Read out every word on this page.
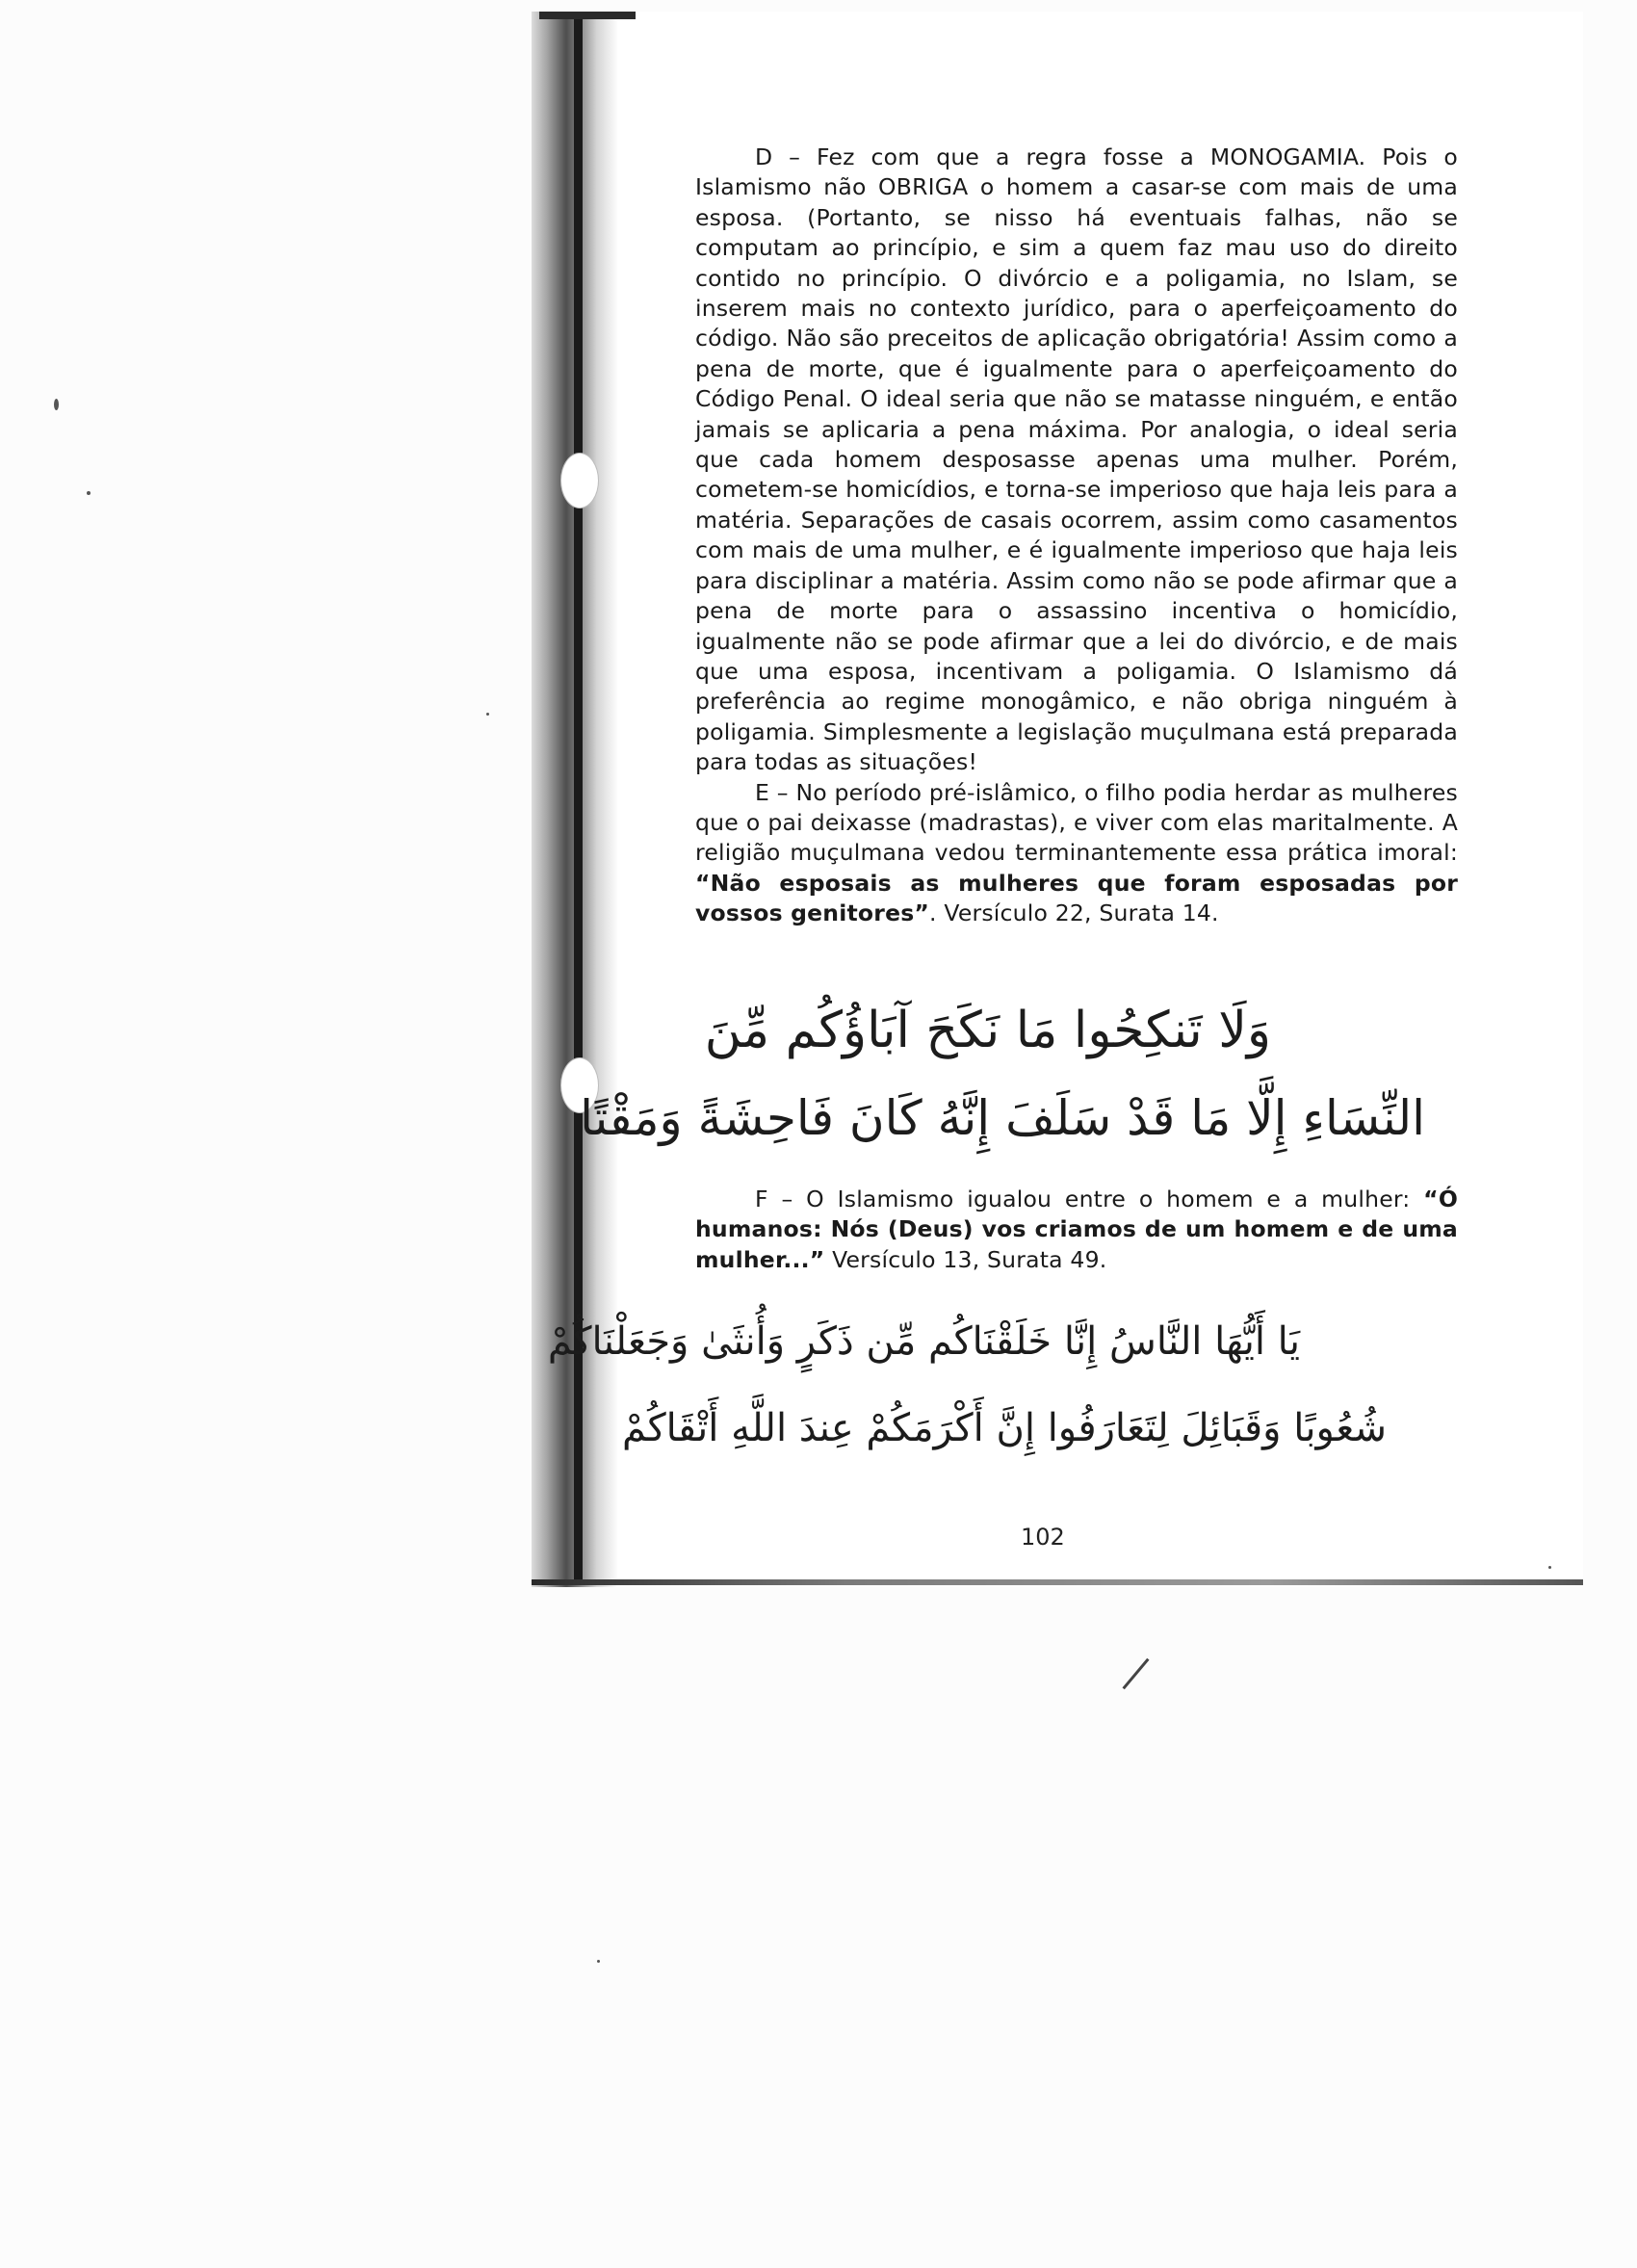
D – Fez com que a regra fosse a MONOGAMIA. Pois o Islamismo não OBRIGA o homem a casar-se com mais de uma esposa. (Portanto, se nisso há eventuais falhas, não se computam ao princípio, e sim a quem faz mau uso do direito contido no princípio. O divórcio e a poligamia, no Islam, se inserem mais no contexto jurídico, para o aperfeiçoamento do código. Não são preceitos de aplicação obrigatória! Assim como a pena de morte, que é igualmente para o aperfeiçoamento do Código Penal. O ideal seria que não se matasse ninguém, e então jamais se aplicaria a pena máxima. Por analogia, o ideal seria que cada homem desposasse apenas uma mulher. Porém, cometem-se homicídios, e torna-se imperioso que haja leis para a matéria. Separações de casais ocorrem, assim como casamentos com mais de uma mulher, e é igualmente imperioso que haja leis para disciplinar a matéria. Assim como não se pode afirmar que a pena de morte para o assassino incentiva o homicídio, igualmente não se pode afirmar que a lei do divórcio, e de mais que uma esposa, incentivam a poligamia. O Islamismo dá preferência ao regime monogâmico, e não obriga ninguém à poligamia. Simplesmente a legislação muçulmana está preparada para todas as situações!

E – No período pré-islâmico, o filho podia herdar as mulheres que o pai deixasse (madrastas), e viver com elas maritalmente. A religião muçulmana vedou terminantemente essa prática imoral: “Não esposais as mulheres que foram esposadas por vossos genitores”. Versículo 22, Surata 14.

وَلَا تَنكِحُوا مَا نَكَحَ آبَاؤُكُم مِّنَ
النِّسَاءِ إِلَّا مَا قَدْ سَلَفَ إِنَّهُ كَانَ فَاحِشَةً وَمَقْتًا

F – O Islamismo igualou entre o homem e a mulher: “Ó humanos: Nós (Deus) vos criamos de um homem e de uma mulher...” Versículo 13, Surata 49.

يَا أَيُّهَا النَّاسُ إِنَّا خَلَقْنَاكُم مِّن ذَكَرٍ وَأُنثَىٰ وَجَعَلْنَاكُمْ
شُعُوبًا وَقَبَائِلَ لِتَعَارَفُوا إِنَّ أَكْرَمَكُمْ عِندَ اللَّهِ أَتْقَاكُمْ
102
